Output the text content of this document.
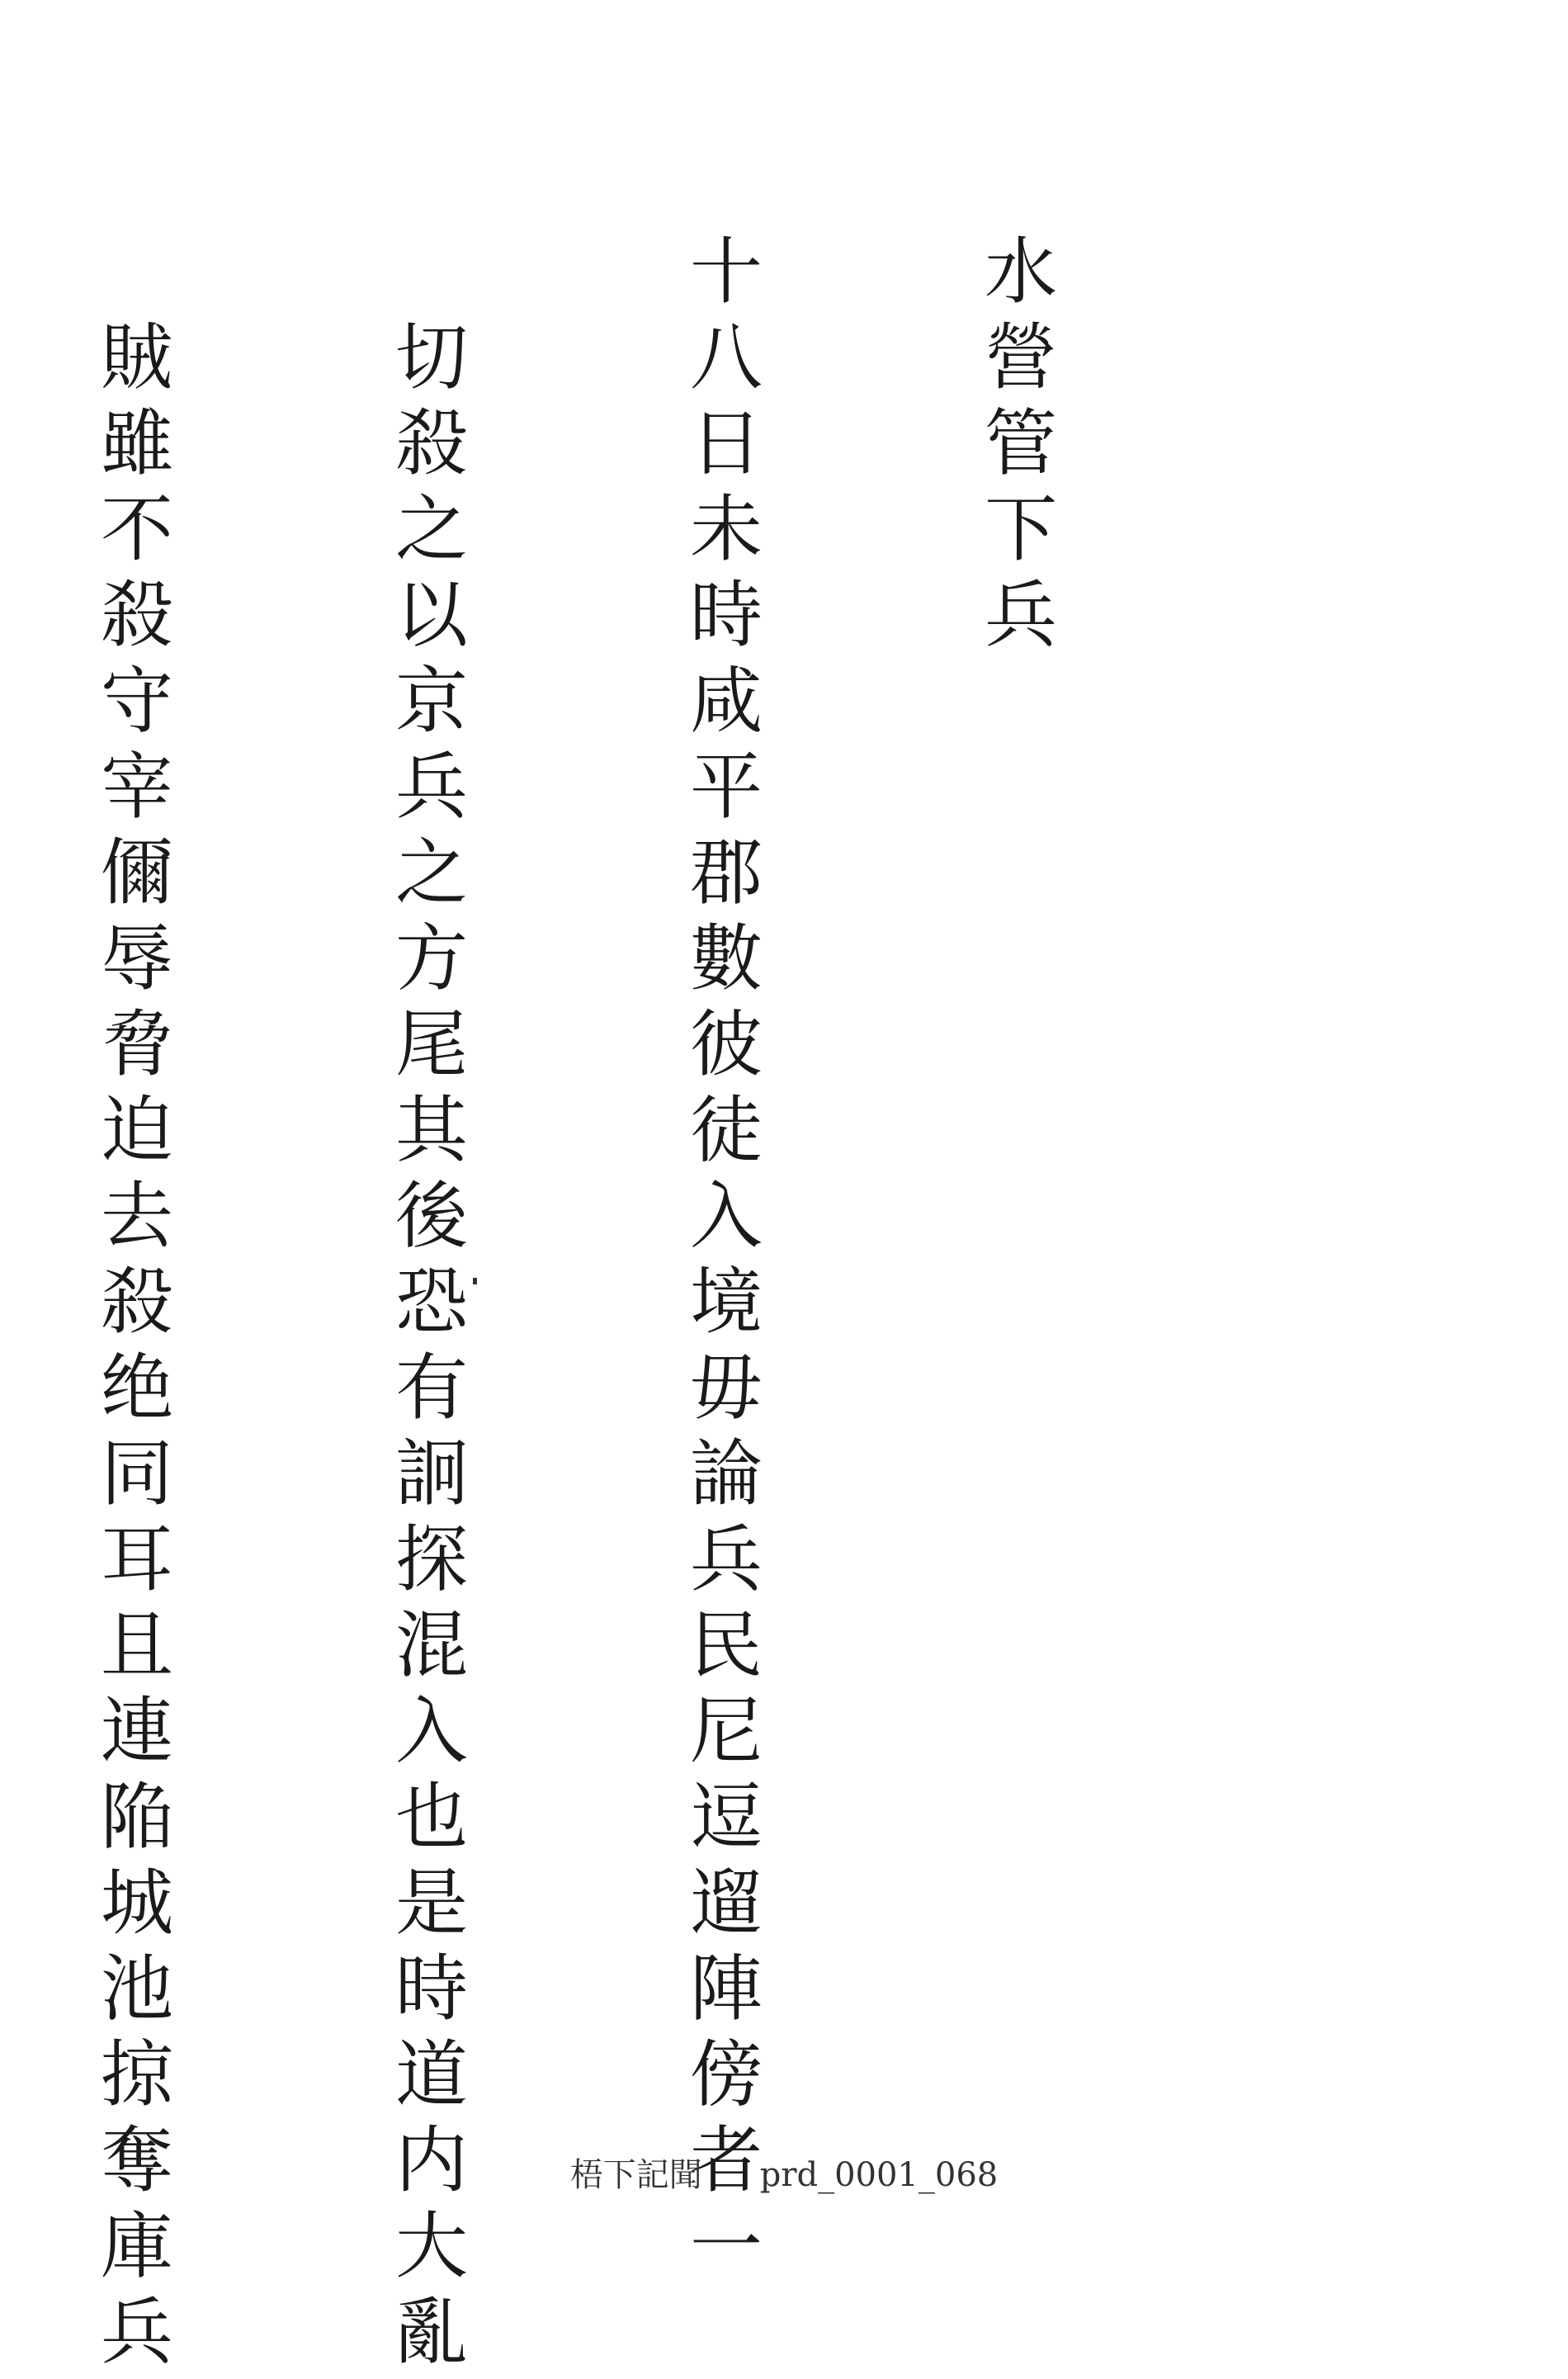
水營管下兵

十八日未時咸平郡數彼徒入境毋論兵民尼逗遛陣傍者一

切殺之以京兵之方尾其後恐有詗探混入也是時道内大亂

賊雖不殺守宰儞辱脅迫去殺绝同耳且連陥城池掠奪庫兵

	梧下記聞 prd_0001_068
